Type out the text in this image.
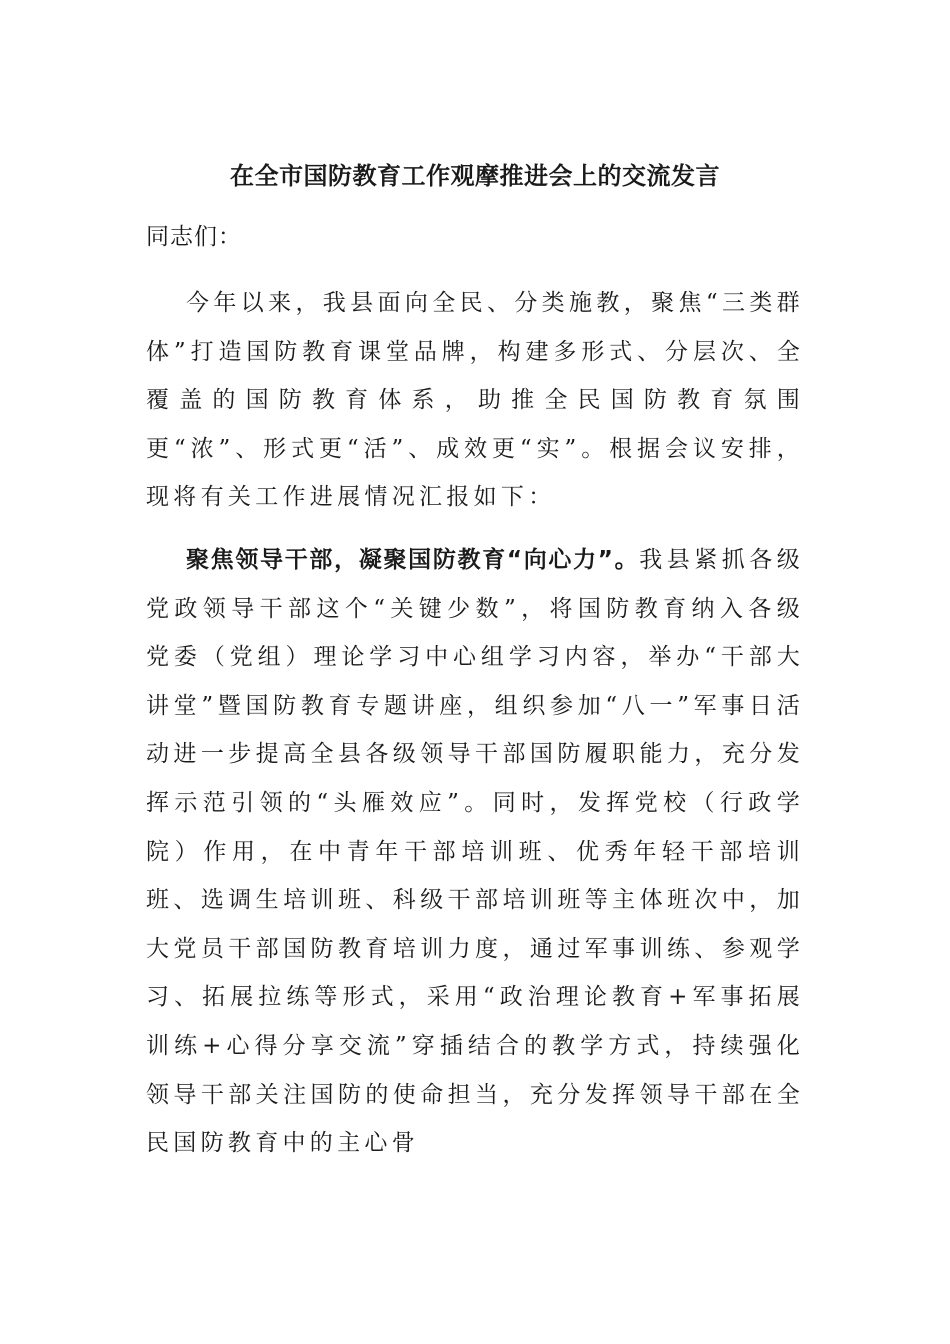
在全市国防教育工作观摩推进会上的交流发言
同志们：

今年以来，我县面向全民、分类施教，聚焦“三类群体”打造国防教育课堂品牌，构建多形式、分层次、全覆盖的国防教育体系，助推全民国防教育氛围更“浓”、形式更“活”、成效更“实”。根据会议安排，现将有关工作进展情况汇报如下：

聚焦领导干部，凝聚国防教育“向心力”。我县紧抓各级党政领导干部这个“关键少数”，将国防教育纳入各级党委（党组）理论学习中心组学习内容，举办“干部大讲堂”暨国防教育专题讲座，组织参加“八一”军事日活动进一步提高全县各级领导干部国防履职能力，充分发挥示范引领的“头雁效应”。同时，发挥党校（行政学院）作用，在中青年干部培训班、优秀年轻干部培训班、选调生培训班、科级干部培训班等主体班次中，加大党员干部国防教育培训力度，通过军事训练、参观学习、拓展拉练等形式，采用“政治理论教育+军事拓展训练+心得分享交流”穿插结合的教学方式，持续强化领导干部关注国防的使命担当，充分发挥领导干部在全民国防教育中的主心骨
